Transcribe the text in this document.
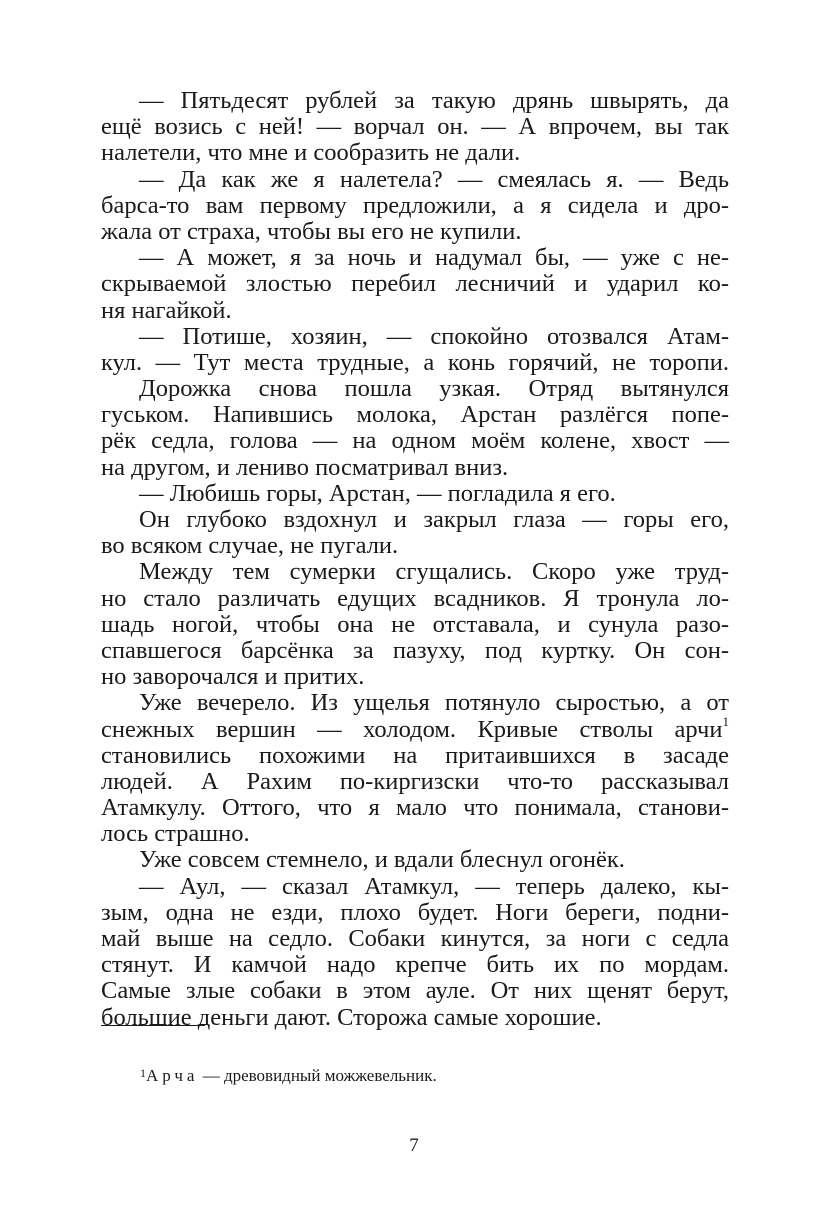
— Пятьдесят рублей за такую дрянь швырять, да
ещё возись с ней! — ворчал он. — А впрочем, вы так
налетели, что мне и сообразить не дали.
— Да как же я налетела? — смеялась я. — Ведь
барса-то вам первому предложили, а я сидела и дро-
жала от страха, чтобы вы его не купили.
— А может, я за ночь и надумал бы, — уже с не-
скрываемой злостью перебил лесничий и ударил ко-
ня нагайкой.
— Потише, хозяин, — спокойно отозвался Атам-
кул. — Тут места трудные, а конь горячий, не торопи.
Дорожка снова пошла узкая. Отряд вытянулся
гуськом. Напившись молока, Арстан разлёгся попе-
рёк седла, голова — на одном моём колене, хвост —
на другом, и лениво посматривал вниз.
— Любишь горы, Арстан, — погладила я его.
Он глубоко вздохнул и закрыл глаза — горы его,
во всяком случае, не пугали.
Между тем сумерки сгущались. Скоро уже труд-
но стало различать едущих всадников. Я тронула ло-
шадь ногой, чтобы она не отставала, и сунула разо-
спавшегося барсёнка за пазуху, под куртку. Он сон-
но заворочался и притих.
Уже вечерело. Из ущелья потянуло сыростью, а от
снежных вершин — холодом. Кривые стволы арчи$^1$
становились похожими на притаившихся в засаде
людей. А Рахим по-киргизски что-то рассказывал
Атамкулу. Оттого, что я мало что понимала, станови-
лось страшно.
Уже совсем стемнело, и вдали блеснул огонёк.
— Аул, — сказал Атамкул, — теперь далеко, кы-
зым, одна не езди, плохо будет. Ноги береги, подни-
май выше на седло. Собаки кинутся, за ноги с седла
стянут. И камчой надо крепче бить их по мордам.
Самые злые собаки в этом ауле. От них щенят берут,
большие деньги дают. Сторожа самые хорошие.
$^1$Арча — древовидный можжевельник.
7
